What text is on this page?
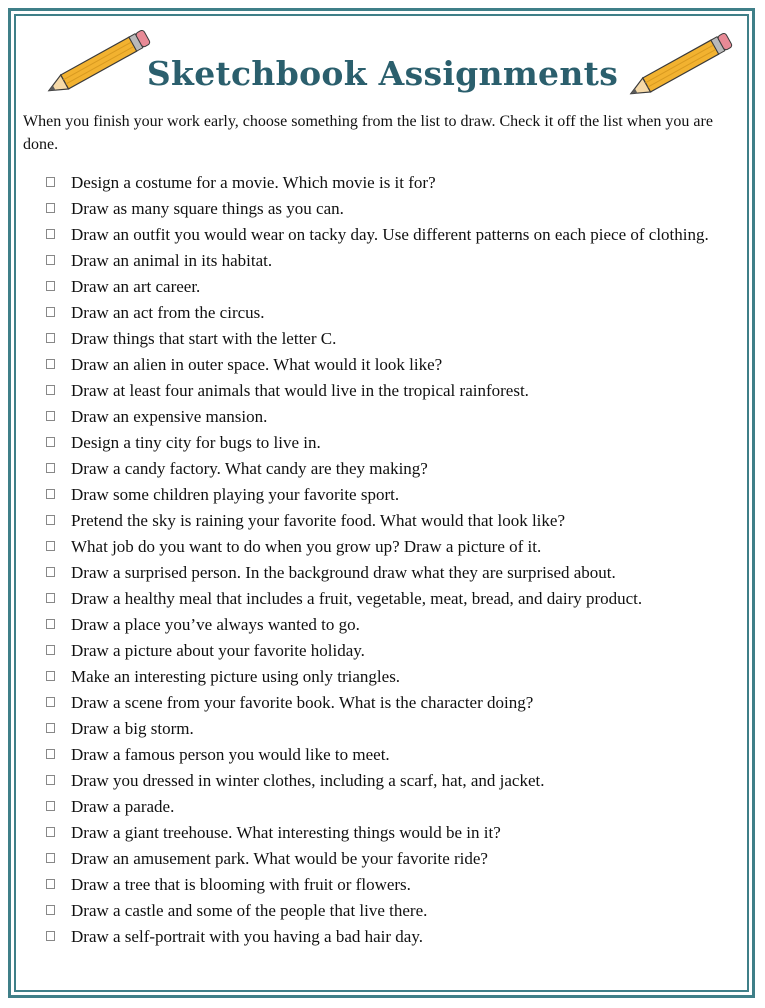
Sketchbook Assignments

When you finish your work early, choose something from the list to draw. Check it off the list when you are done.

Design a costume for a movie. Which movie is it for?
Draw as many square things as you can.
Draw an outfit you would wear on tacky day. Use different patterns on each piece of clothing.
Draw an animal in its habitat.
Draw an art career.
Draw an act from the circus.
Draw things that start with the letter C.
Draw an alien in outer space. What would it look like?
Draw at least four animals that would live in the tropical rainforest.
Draw an expensive mansion.
Design a tiny city for bugs to live in.
Draw a candy factory. What candy are they making?
Draw some children playing your favorite sport.
Pretend the sky is raining your favorite food. What would that look like?
What job do you want to do when you grow up? Draw a picture of it.
Draw a surprised person. In the background draw what they are surprised about.
Draw a healthy meal that includes a fruit, vegetable, meat, bread, and dairy product.
Draw a place you’ve always wanted to go.
Draw a picture about your favorite holiday.
Make an interesting picture using only triangles.
Draw a scene from your favorite book. What is the character doing?
Draw a big storm.
Draw a famous person you would like to meet.
Draw you dressed in winter clothes, including a scarf, hat, and jacket.
Draw a parade.
Draw a giant treehouse. What interesting things would be in it?
Draw an amusement park. What would be your favorite ride?
Draw a tree that is blooming with fruit or flowers.
Draw a castle and some of the people that live there.
Draw a self-portrait with you having a bad hair day.
